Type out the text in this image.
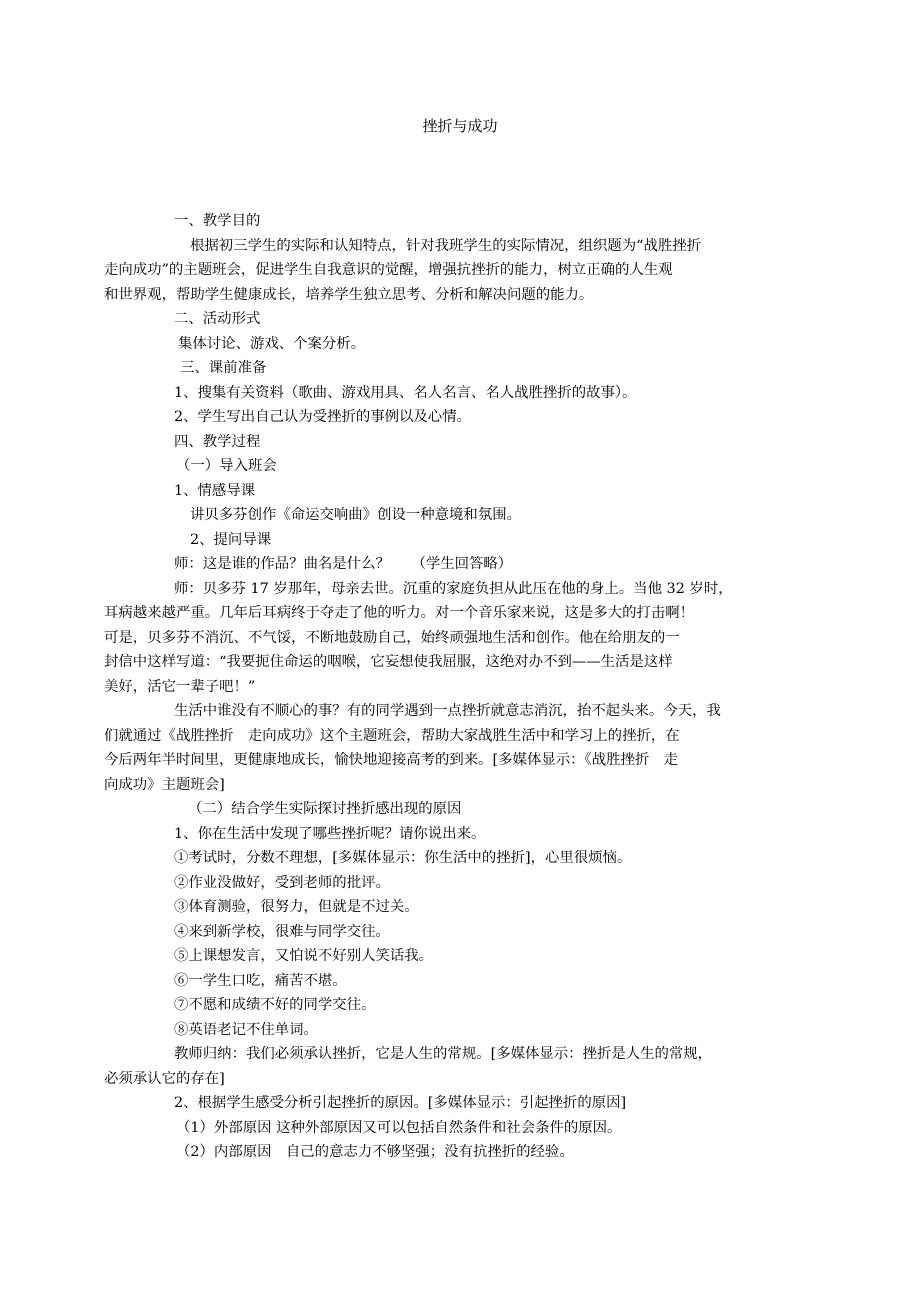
挫折与成功
一、教学目的
根据初三学生的实际和认知特点，针对我班学生的实际情况，组织题为“战胜挫折
走向成功”的主题班会，促进学生自我意识的觉醒，增强抗挫折的能力，树立正确的人生观
和世界观，帮助学生健康成长，培养学生独立思考、分析和解决问题的能力。
二、活动形式
集体讨论、游戏、个案分析。
三、课前准备
1、搜集有关资料（歌曲、游戏用具、名人名言、名人战胜挫折的故事）。
2、学生写出自己认为受挫折的事例以及心情。
四、教学过程
（一）导入班会
1、情感导课
讲贝多芬创作《命运交响曲》创设一种意境和氛围。
2、提问导课
师：这是谁的作品？曲名是什么？　　（学生回答略）
师：贝多芬 17 岁那年，母亲去世。沉重的家庭负担从此压在他的身上。当他 32 岁时，
耳病越来越严重。几年后耳病终于夺走了他的听力。对一个音乐家来说，这是多大的打击啊！
可是，贝多芬不消沉、不气馁，不断地鼓励自己，始终顽强地生活和创作。他在给朋友的一
封信中这样写道：“我要扼住命运的咽喉，它妄想使我屈服，这绝对办不到——生活是这样
美好，活它一辈子吧！”
生活中谁没有不顺心的事？有的同学遇到一点挫折就意志消沉，抬不起头来。今天，我
们就通过《战胜挫折　走向成功》这个主题班会，帮助大家战胜生活中和学习上的挫折，在
今后两年半时间里，更健康地成长，愉快地迎接高考的到来。[多媒体显示：《战胜挫折　走
向成功》主题班会]
（二）结合学生实际探讨挫折感出现的原因
1、你在生活中发现了哪些挫折呢？请你说出来。
①考试时，分数不理想，[多媒体显示：你生活中的挫折]，心里很烦恼。
②作业没做好，受到老师的批评。
③体育测验，很努力，但就是不过关。
④来到新学校，很难与同学交往。
⑤上课想发言，又怕说不好别人笑话我。
⑥一学生口吃，痛苦不堪。
⑦不愿和成绩不好的同学交往。
⑧英语老记不住单词。
教师归纳：我们必须承认挫折，它是人生的常规。[多媒体显示：挫折是人生的常规，
必须承认它的存在]
2、根据学生感受分析引起挫折的原因。[多媒体显示：引起挫折的原因]
（1）外部原因 这种外部原因又可以包括自然条件和社会条件的原因。
（2）内部原因　自己的意志力不够坚强；没有抗挫折的经验。
